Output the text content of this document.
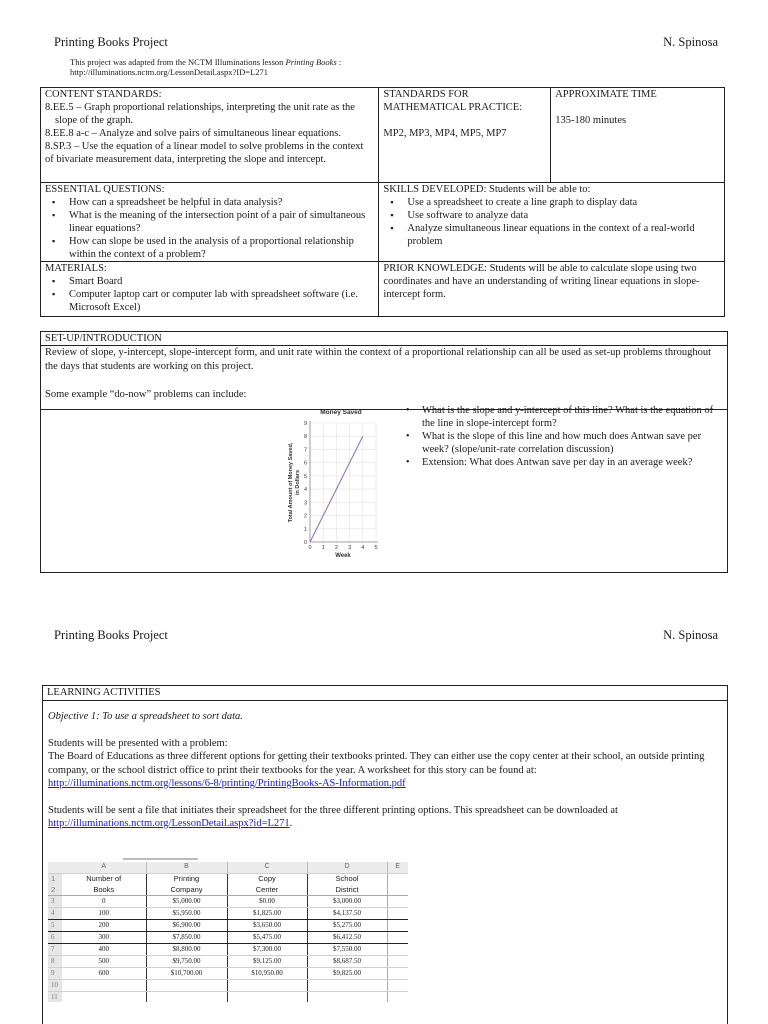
Printing Books Project	N. Spinosa
This project was adapted from the NCTM Illuminations lesson Printing Books :
http://illuminations.nctm.org/LessonDetail.aspx?ID=L271
CONTENT STANDARDS:
8.EE.5 – Graph proportional relationships, interpreting the unit rate as the slope of the graph.
8.EE.8 a-c – Analyze and solve pairs of simultaneous linear equations.
8.SP.3 – Use the equation of a linear model to solve problems in the context of bivariate measurement data, interpreting the slope and intercept.

STANDARDS FOR MATHEMATICAL PRACTICE:
MP2, MP3, MP4, MP5, MP7

APPROXIMATE TIME
135-180 minutes

ESSENTIAL QUESTIONS:
▪ How can a spreadsheet be helpful in data analysis?
▪ What is the meaning of the intersection point of a pair of simultaneous linear equations?
▪ How can slope be used in the analysis of a proportional relationship within the context of a problem?

SKILLS DEVELOPED: Students will be able to:
▪ Use a spreadsheet to create a line graph to display data
▪ Use software to analyze data
▪ Analyze simultaneous linear equations in the context of a real-world problem

MATERIALS:
▪ Smart Board
▪ Computer laptop cart or computer lab with spreadsheet software (i.e. Microsoft Excel)

PRIOR KNOWLEDGE: Students will be able to calculate slope using two coordinates and have an understanding of writing linear equations in slope-intercept form.
SET-UP/INTRODUCTION

Review of slope, y-intercept, slope-intercept form, and unit rate within the context of a proportional relationship can all be used as set-up problems throughout the days that students are working on this project.
Some example “do-now” problems can include:

0 1 2 3 4 5
0
1
2
3
4
5
6
7
8
9
Money Saved
Week
Total Amount of Money Saved, in Dollars
• What is the slope and y-intercept of this line? What is the equation of the line in slope-intercept form?
• What is the slope of this line and how much does Antwan save per week? (slope/unit-rate correlation discussion)
• Extension: What does Antwan save per day in an average week?
Printing Books Project	N. Spinosa
LEARNING ACTIVITIES

Objective 1: To use a spreadsheet to sort data.

Students will be presented with a problem:

The Board of Educations as three different options for getting their textbooks printed. They can either use the copy center at their school, an outside printing company, or the school district office to print their textbooks for the year. A worksheet for this story can be found at:

http://illuminations.nctm.org/lessons/6-8/printing/PrintingBooks-AS-Information.pdf

Students will be sent a file that initiates their spreadsheet for the three different printing options. This spreadsheet can be downloaded at

http://illuminations.nctm.org/LessonDetail.aspx?id=L271.

	A	B	C	D	E
1	Number of	Printing	Copy	School	
2	Books	Company	Center	District	
3	0	$5,000.00	$0.00	$3,000.00	
4	100	$5,950.00	$1,825.00	$4,137.50	
5	200	$6,900.00	$3,650.00	$5,275.00	
6	300	$7,850.00	$5,475.00	$6,412.50	
7	400	$8,800.00	$7,300.00	$7,550.00	
8	500	$9,750.00	$9,125.00	$8,687.50	
9	600	$10,700.00	$10,950.00	$9,825.00	
10					
11					
